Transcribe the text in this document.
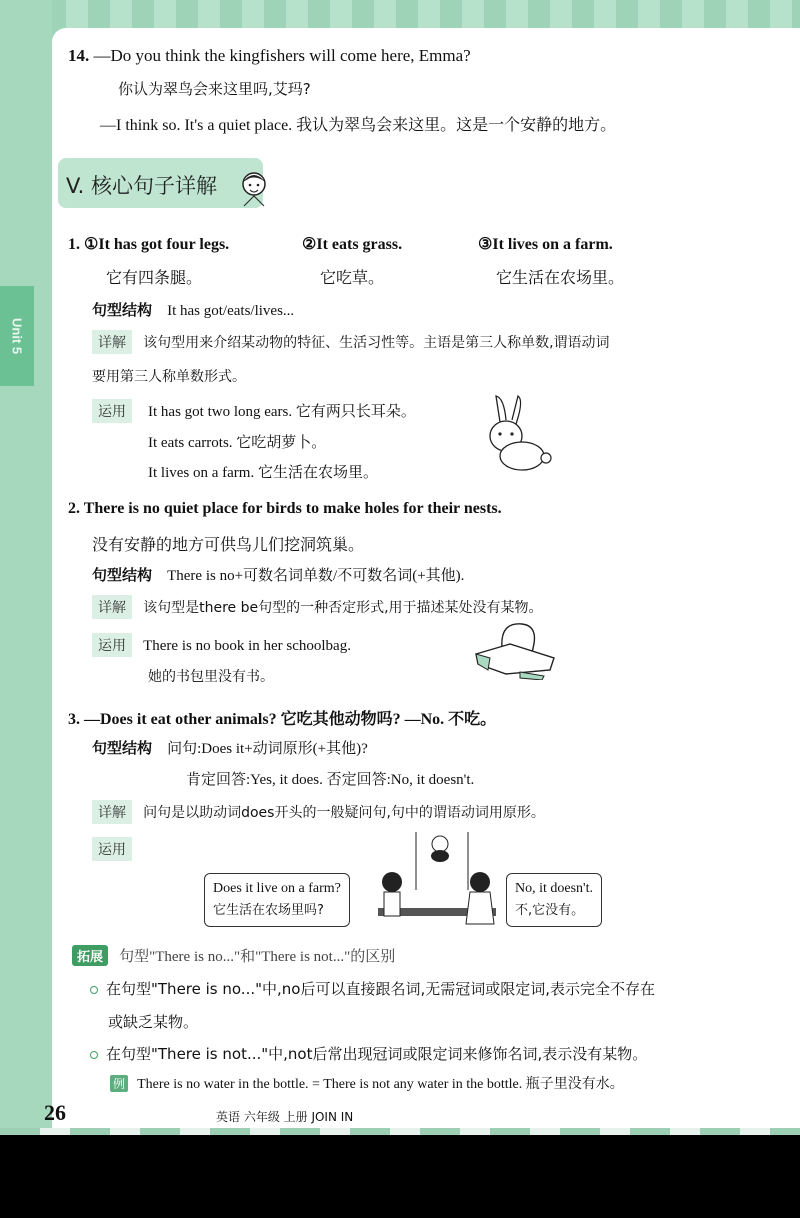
Unit 5
14. —Do you think the kingfishers will come here, Emma?
你认为翠鸟会来这里吗,艾玛?
—I think so. It's a quiet place. 我认为翠鸟会来这里。这是一个安静的地方。
V. 核心句子详解
1. ①It has got four legs.	②It eats grass.	③It lives on a farm.
它有四条腿。	它吃草。	它生活在农场里。
句型结构 It has got/eats/lives...
详解 该句型用来介绍某动物的特征、生活习性等。主语是第三人称单数,谓语动词
要用第三人称单数形式。
运用	It has got two long ears. 它有两只长耳朵。
It eats carrots. 它吃胡萝卜。
It lives on a farm. 它生活在农场里。
2. There is no quiet place for birds to make holes for their nests.
没有安静的地方可供鸟儿们挖洞筑巢。
句型结构 There is no+可数名词单数/不可数名词(+其他).
详解 该句型是there be句型的一种否定形式,用于描述某处没有某物。
运用 There is no book in her schoolbag.
她的书包里没有书。
3. —Does it eat other animals? 它吃其他动物吗? —No. 不吃。
句型结构 问句:Does it+动词原形(+其他)?
肯定回答:Yes, it does. 否定回答:No, it doesn't.
详解 问句是以助动词does开头的一般疑问句,句中的谓语动词用原形。
运用
Does it live on a farm?
它生活在农场里吗?
No, it doesn't.
不,它没有。
拓展 句型"There is no..."和"There is not..."的区别
在句型"There is no..."中,no后可以直接跟名词,无需冠词或限定词,表示完全不存在
或缺乏某物。
在句型"There is not..."中,not后常出现冠词或限定词来修饰名词,表示没有某物。
例 There is no water in the bottle. = There is not any water in the bottle. 瓶子里没有水。
26	英语 六年级 上册 JOIN IN
